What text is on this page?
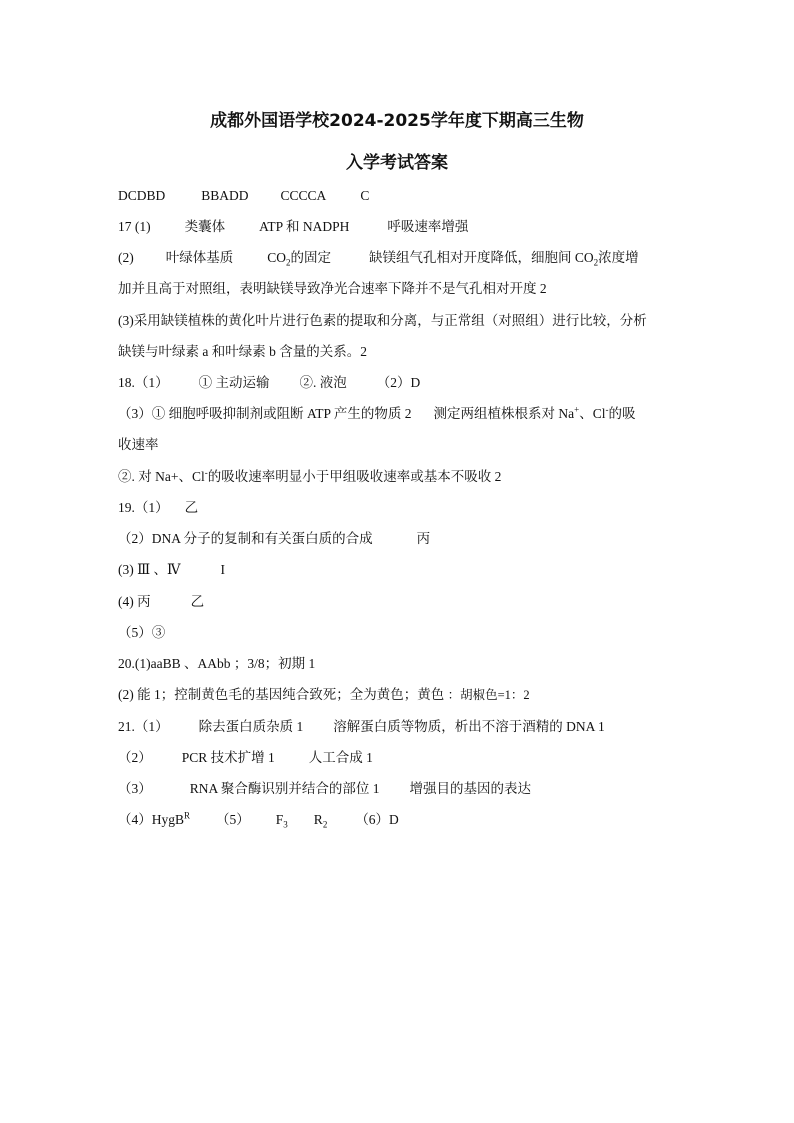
成都外国语学校2024-2025学年度下期高三生物
入学考试答案
DCDBD	BBADD CCCCA	C
17 (1)	类囊体	ATP 和 NADPH	呼吸速率增强
(2) 叶绿体基质	$CO_2$的固定	缺镁组气孔相对开度降低，细胞间 $CO_2$浓度增
加并且高于对照组，表明缺镁导致净光合速率下降并不是气孔相对开度 2
(3)采用缺镁植株的黄化叶片进行色素的提取和分离，与正常组（对照组）进行比较，分析
缺镁与叶绿素 a 和叶绿素 b 含量的关系。2
18.（1） ① 主动运输 ②. 液泡 （2）D
（3）① 细胞呼吸抑制剂或阻断 ATP 产生的物质 2 测定两组植株根系对 Na+、Cl-的吸
收速率
②. 对 Na+、Cl-的吸收速率明显小于甲组吸收速率或基本不吸收 2
19.（1） 乙
（2）DNA 分子的复制和有关蛋白质的合成	丙
(3) Ⅲ 、Ⅳ	I
(4) 丙	乙
（5）③
20.(1)aaBB 、AAbb ；3/8；初期 1
(2) 能 1；控制黄色毛的基因纯合致死；全为黄色；黄色 ：胡椒色=1：2
21.（1） 除去蛋白质杂质 1 溶解蛋白质等物质，析出不溶于酒精的 DNA 1
（2） PCR 技术扩增 1	人工合成 1
（3）	RNA 聚合酶识别并结合的部位 1 增强目的基因的表达
（4）HygB$^R$ （5） $F_3$ $R_2$ （6）D
